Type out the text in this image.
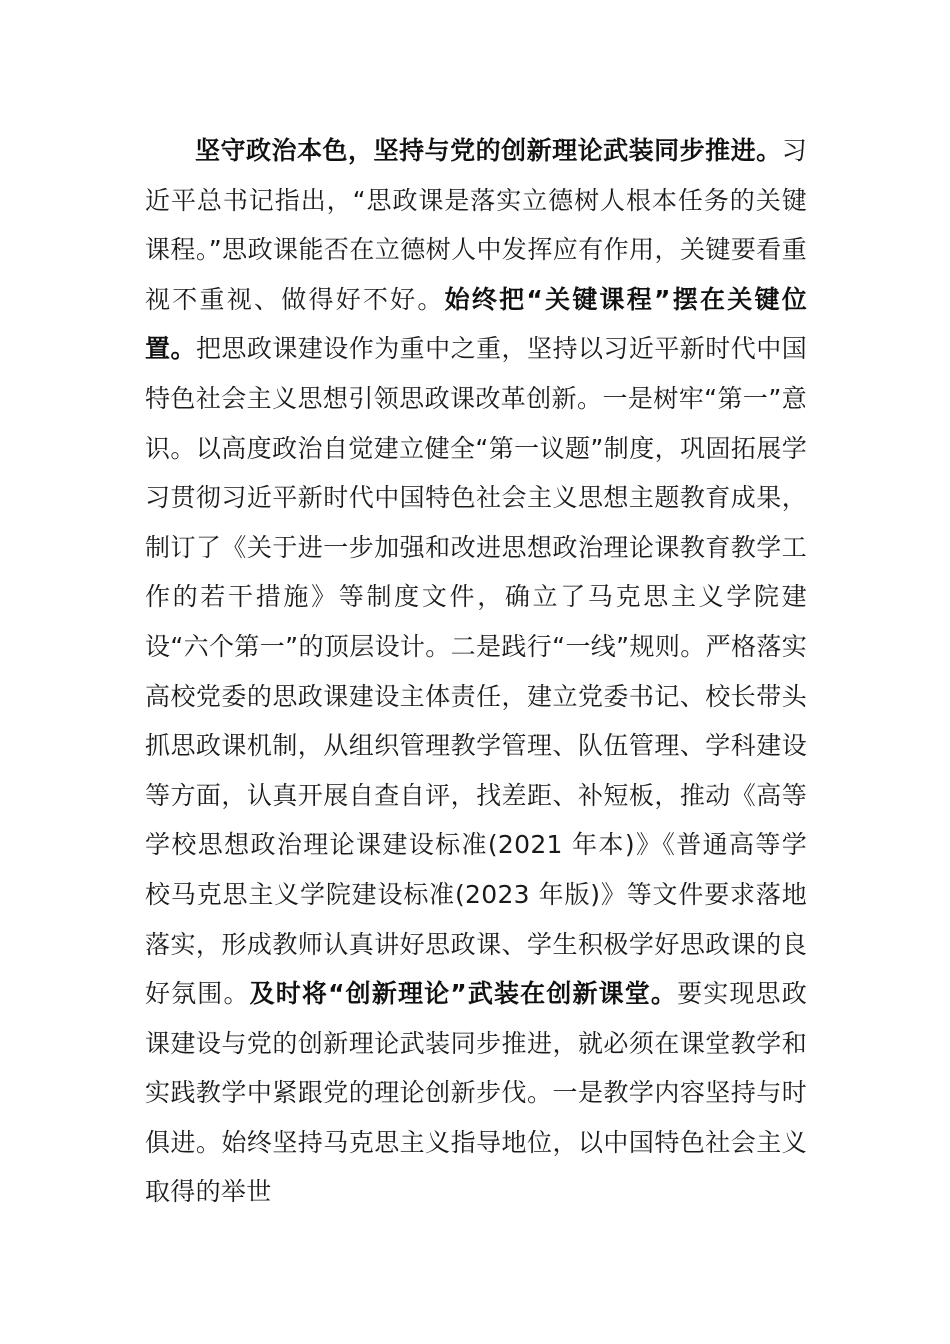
坚守政治本色，坚持与党的创新理论武装同步推进。习近平总书记指出，“思政课是落实立德树人根本任务的关键课程。”思政课能否在立德树人中发挥应有作用，关键要看重视不重视、做得好不好。始终把“关键课程”摆在关键位置。把思政课建设作为重中之重，坚持以习近平新时代中国特色社会主义思想引领思政课改革创新。一是树牢“第一”意识。以高度政治自觉建立健全“第一议题”制度，巩固拓展学习贯彻习近平新时代中国特色社会主义思想主题教育成果，制订了《关于进一步加强和改进思想政治理论课教育教学工作的若干措施》等制度文件，确立了马克思主义学院建设“六个第一”的顶层设计。二是践行“一线”规则。严格落实高校党委的思政课建设主体责任，建立党委书记、校长带头抓思政课机制，从组织管理教学管理、队伍管理、学科建设等方面，认真开展自查自评，找差距、补短板，推动《高等学校思想政治理论课建设标准(2021 年本)》《普通高等学校马克思主义学院建设标准(2023 年版)》等文件要求落地落实，形成教师认真讲好思政课、学生积极学好思政课的良好氛围。及时将“创新理论”武装在创新课堂。要实现思政课建设与党的创新理论武装同步推进，就必须在课堂教学和实践教学中紧跟党的理论创新步伐。一是教学内容坚持与时俱进。始终坚持马克思主义指导地位，以中国特色社会主义取得的举世
